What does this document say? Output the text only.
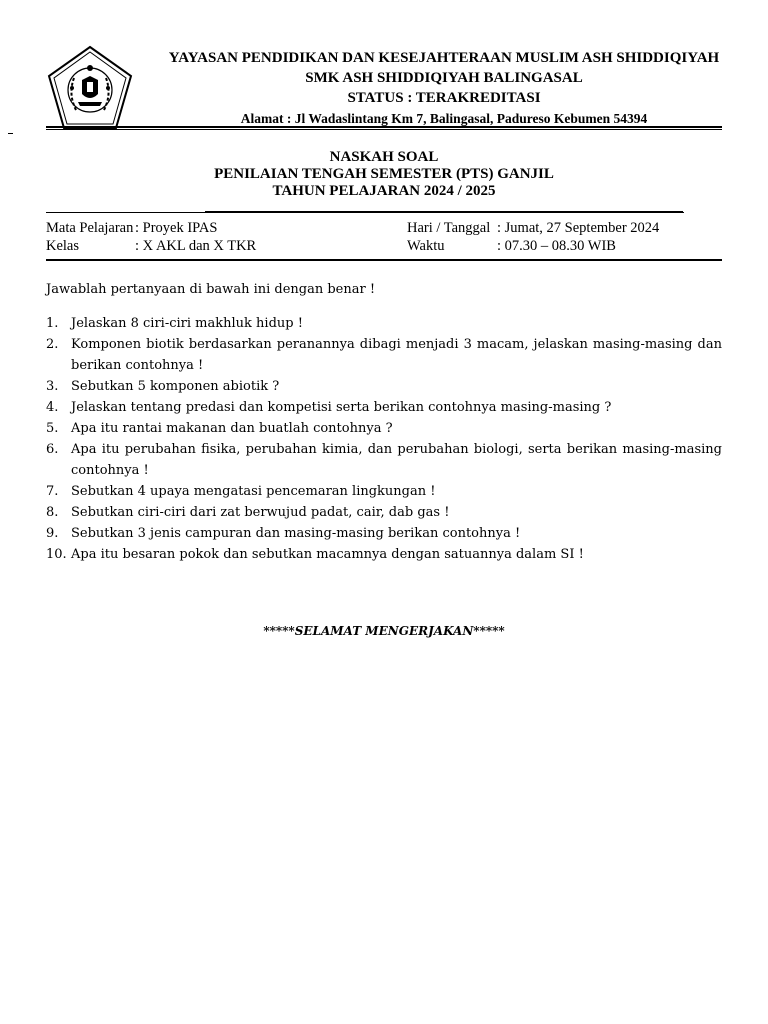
YAYASAN PENDIDIKAN DAN KESEJAHTERAAN MUSLIM ASH SHIDDIQIYAH
SMK ASH SHIDDIQIYAH BALINGASAL
STATUS : TERAKREDITASI
Alamat : Jl Wadaslintang Km 7, Balingasal, Padureso Kebumen 54394
NASKAH SOAL
PENILAIAN TENGAH SEMESTER (PTS) GANJIL
TAHUN PELAJARAN 2024 / 2025
Mata Pelajaran : Proyek IPAS
Kelas	: X AKL dan X TKR
Hari / Tanggal : Jumat, 27 September 2024
Waktu	: 07.30 – 08.30 WIB
Jawablah pertanyaan di bawah ini dengan benar !
1. Jelaskan 8 ciri-ciri makhluk hidup !
2. Komponen biotik berdasarkan peranannya dibagi menjadi 3 macam, jelaskan masing-masing dan berikan contohnya !
3. Sebutkan 5 komponen abiotik ?
4. Jelaskan tentang predasi dan kompetisi serta berikan contohnya masing-masing ?
5. Apa itu rantai makanan dan buatlah contohnya ?
6. Apa itu perubahan fisika, perubahan kimia, dan perubahan biologi, serta berikan masing-masing contohnya !
7. Sebutkan 4 upaya mengatasi pencemaran lingkungan !
8. Sebutkan ciri-ciri dari zat berwujud padat, cair, dab gas !
9. Sebutkan 3 jenis campuran dan masing-masing berikan contohnya !
10. Apa itu besaran pokok dan sebutkan macamnya dengan satuannya dalam SI !
*****SELAMAT MENGERJAKAN*****
